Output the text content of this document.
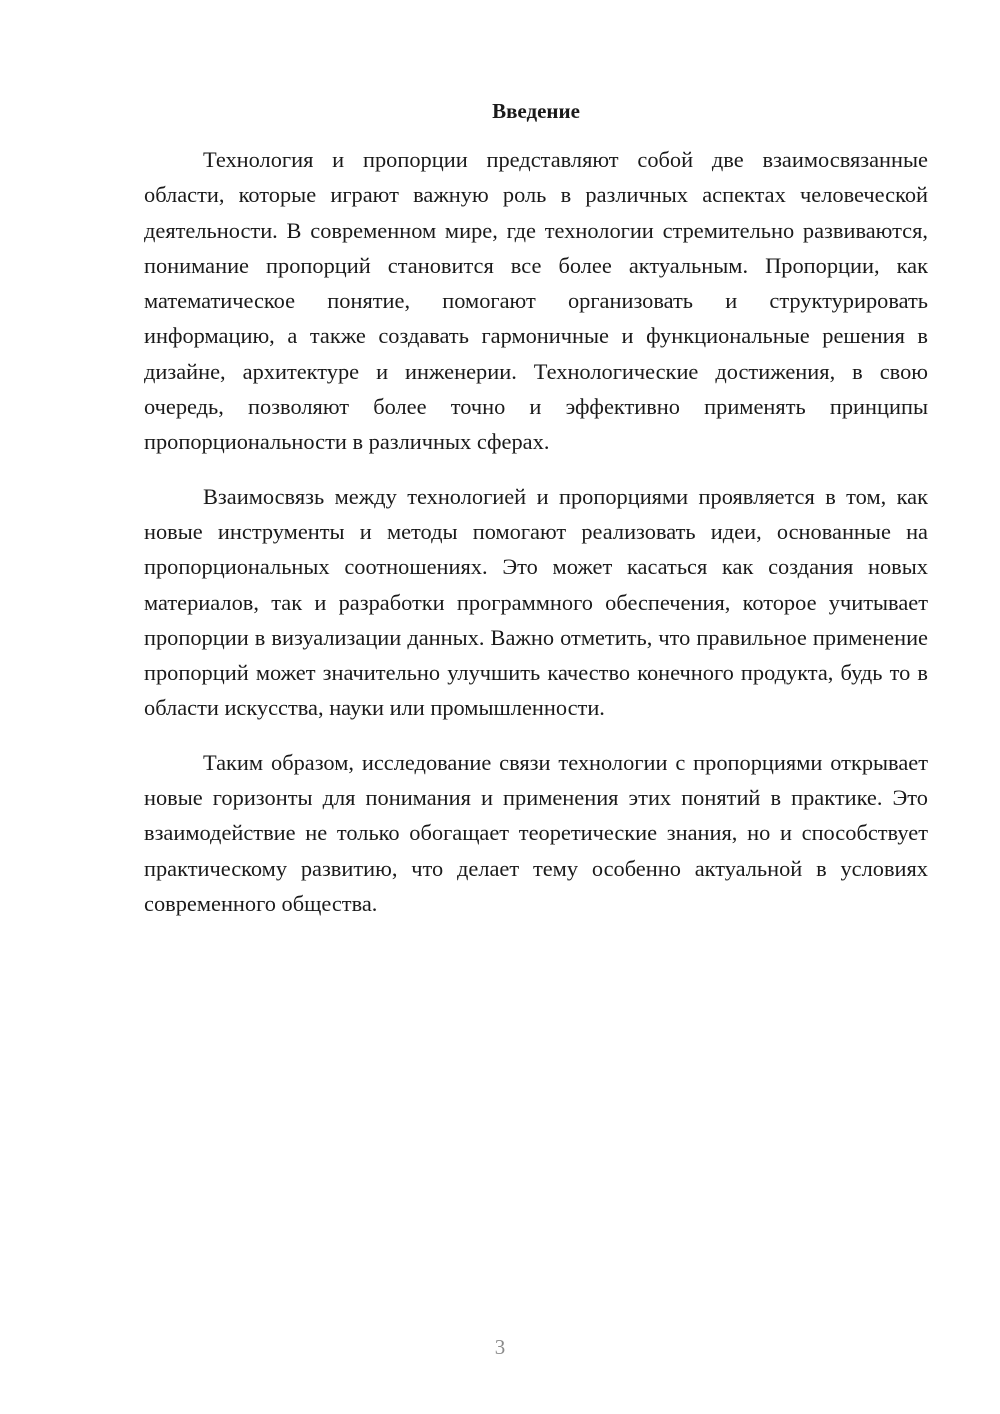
Введение

Технология и пропорции представляют собой две взаимосвязанные области, которые играют важную роль в различных аспектах человеческой деятельности. В современном мире, где технологии стремительно развиваются, понимание пропорций становится все более актуальным. Пропорции, как математическое понятие, помогают организовать и структурировать информацию, а также создавать гармоничные и функциональные решения в дизайне, архитектуре и инженерии. Технологические достижения, в свою очередь, позволяют более точно и эффективно применять принципы пропорциональности в различных сферах.

Взаимосвязь между технологией и пропорциями проявляется в том, как новые инструменты и методы помогают реализовать идеи, основанные на пропорциональных соотношениях. Это может касаться как создания новых материалов, так и разработки программного обеспечения, которое учитывает пропорции в визуализации данных. Важно отметить, что правильное применение пропорций может значительно улучшить качество конечного продукта, будь то в области искусства, науки или промышленности.

Таким образом, исследование связи технологии с пропорциями открывает новые горизонты для понимания и применения этих понятий в практике. Это взаимодействие не только обогащает теоретические знания, но и способствует практическому развитию, что делает тему особенно актуальной в условиях современного общества.

3
